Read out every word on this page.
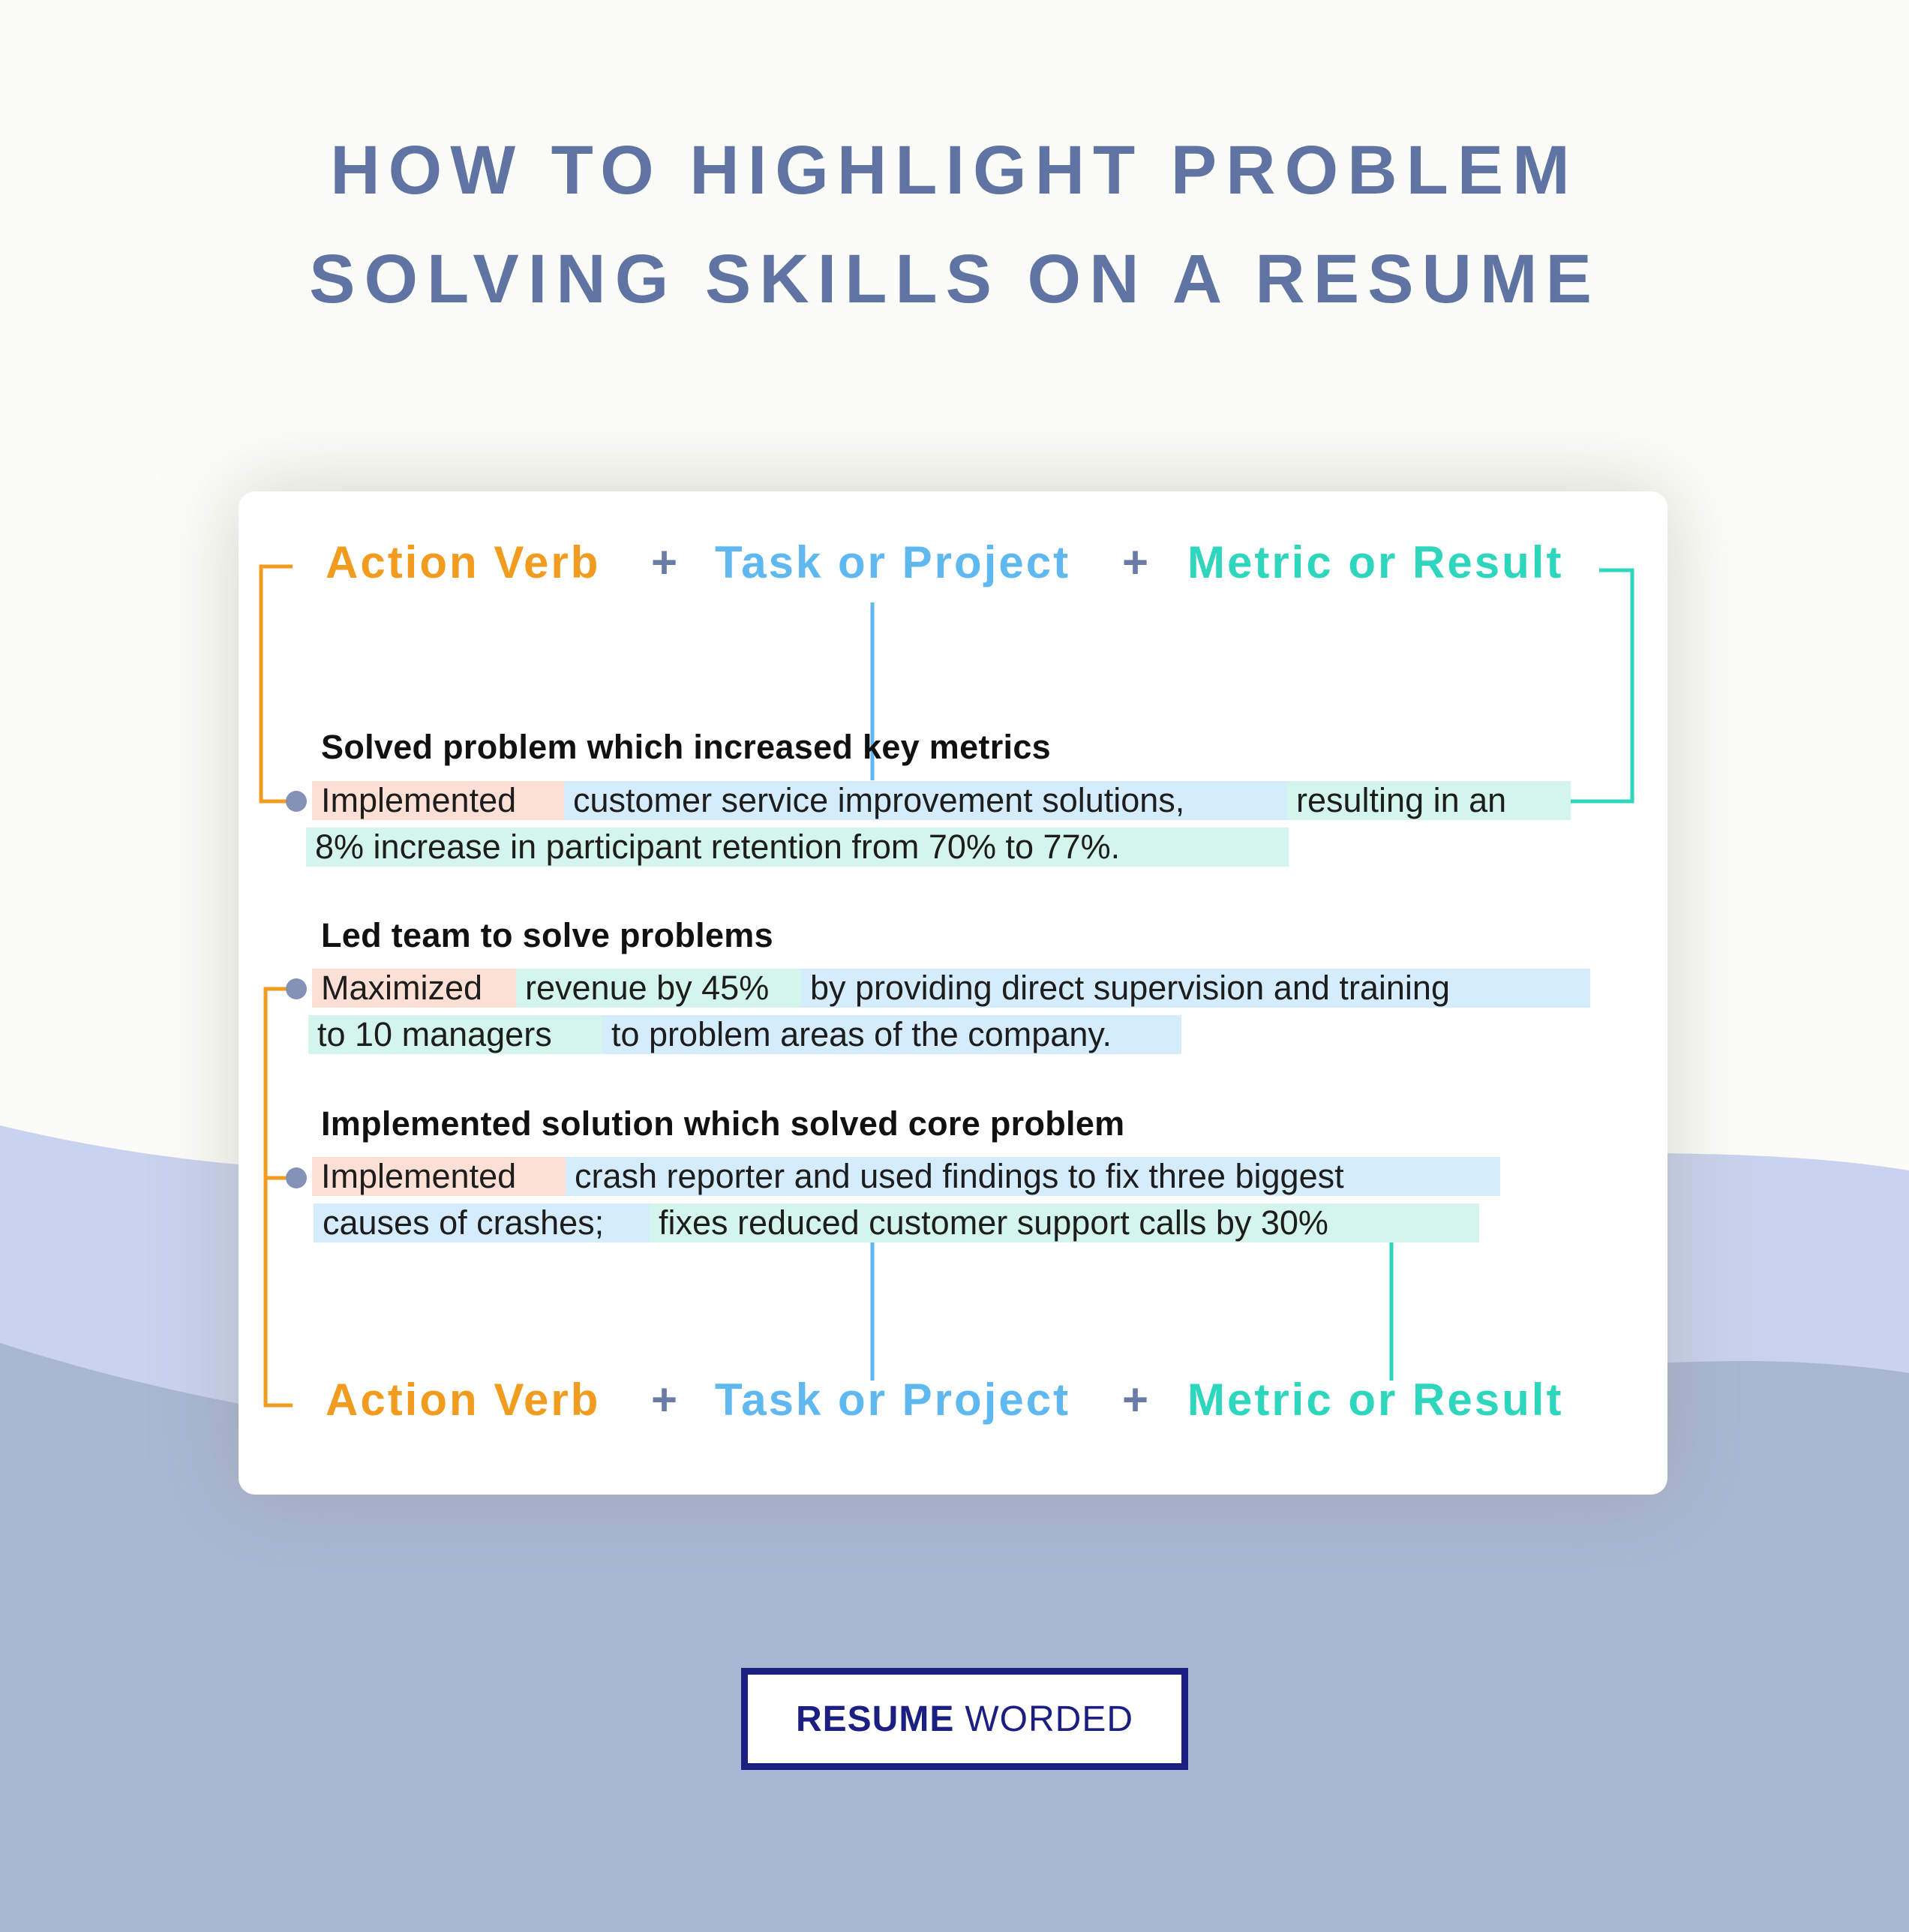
HOW TO HIGHLIGHT PROBLEM
SOLVING SKILLS ON A RESUME
Action Verb + Task or Project + Metric or Result
Solved problem which increased key metrics
Implemented	customer service improvement solutions,	resulting in an
8% increase in participant retention from 70% to 77%.
Led team to solve problems
Maximized	revenue by 45%	by providing direct supervision and training
to 10 managers	to problem areas of the company.
Implemented solution which solved core problem
Implemented	crash reporter and used findings to fix three biggest
causes of crashes;	fixes reduced customer support calls by 30%
Action Verb + Task or Project + Metric or Result
RESUME WORDED
